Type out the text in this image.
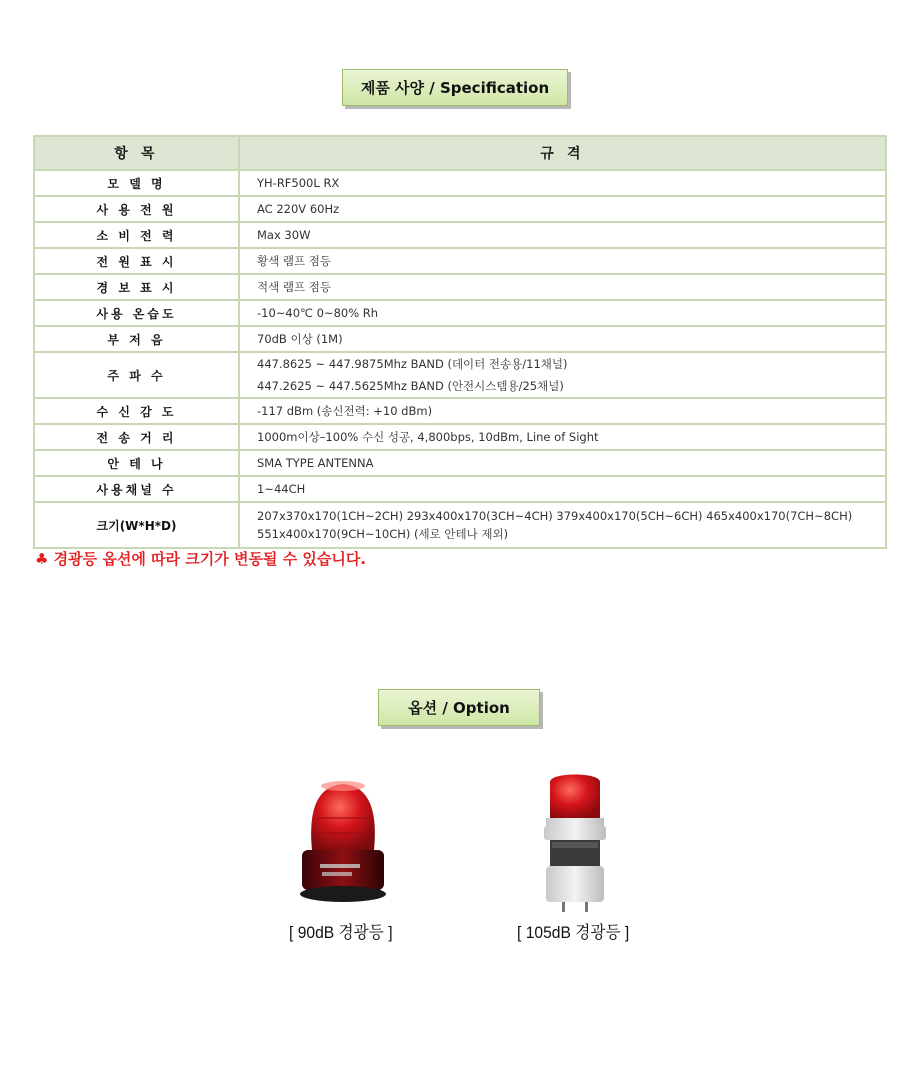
제품 사양 / Specification
항 목	규 격
모 델 명	YH-RF500L RX
사 용 전 원	AC 220V 60Hz
소 비 전 력	Max 30W
전 원 표 시	황색 램프 점등
경 보 표 시	적색 램프 점등
사용 온습도	-10~40℃ 0~80% Rh
부 저 음	70dB 이상 (1M)
주 파 수	447.8625 ~ 447.9875Mhz BAND (데이터 전송용/11채널)
447.2625 ~ 447.5625Mhz BAND (안전시스템용/25채널)

수 신 감 도	-117 dBm (송신전력: +10 dBm)
전 송 거 리	1000m이상–100% 수신 성공, 4,800bps, 10dBm, Line of Sight
안 테 나	SMA TYPE ANTENNA
사용채널 수	1~44CH
크기(W*H*D)	207x370x170(1CH~2CH) 293x400x170(3CH~4CH) 379x400x170(5CH~6CH) 465x400x170(7CH~8CH) 551x400x170(9CH~10CH) (세로 안테나 제외)
♣ 경광등 옵션에 따라 크기가 변동될 수 있습니다.
옵션 / Option
[ 90dB 경광등 ]	[ 105dB 경광등 ]
